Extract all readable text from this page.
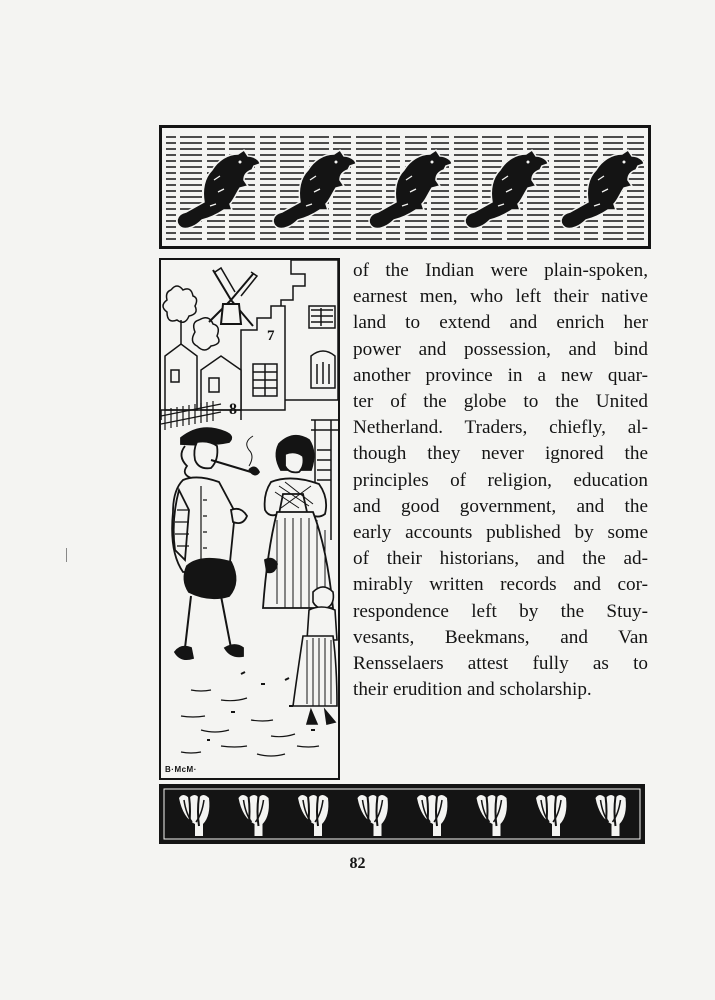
8
7
B·McM·
of the Indian were plain-spoken,
earnest men, who left their native
land to extend and enrich her
power and possession, and bind
another province in a new quar-
ter of the globe to the United
Netherland. Traders, chiefly, al-
though they never ignored the
principles of religion, education
and good government, and the
early accounts published by some
of their historians, and the ad-
mirably written records and cor-
respondence left by the Stuy-
vesants, Beekmans, and Van
Rensselaers attest fully as to
their erudition and scholarship.
82
